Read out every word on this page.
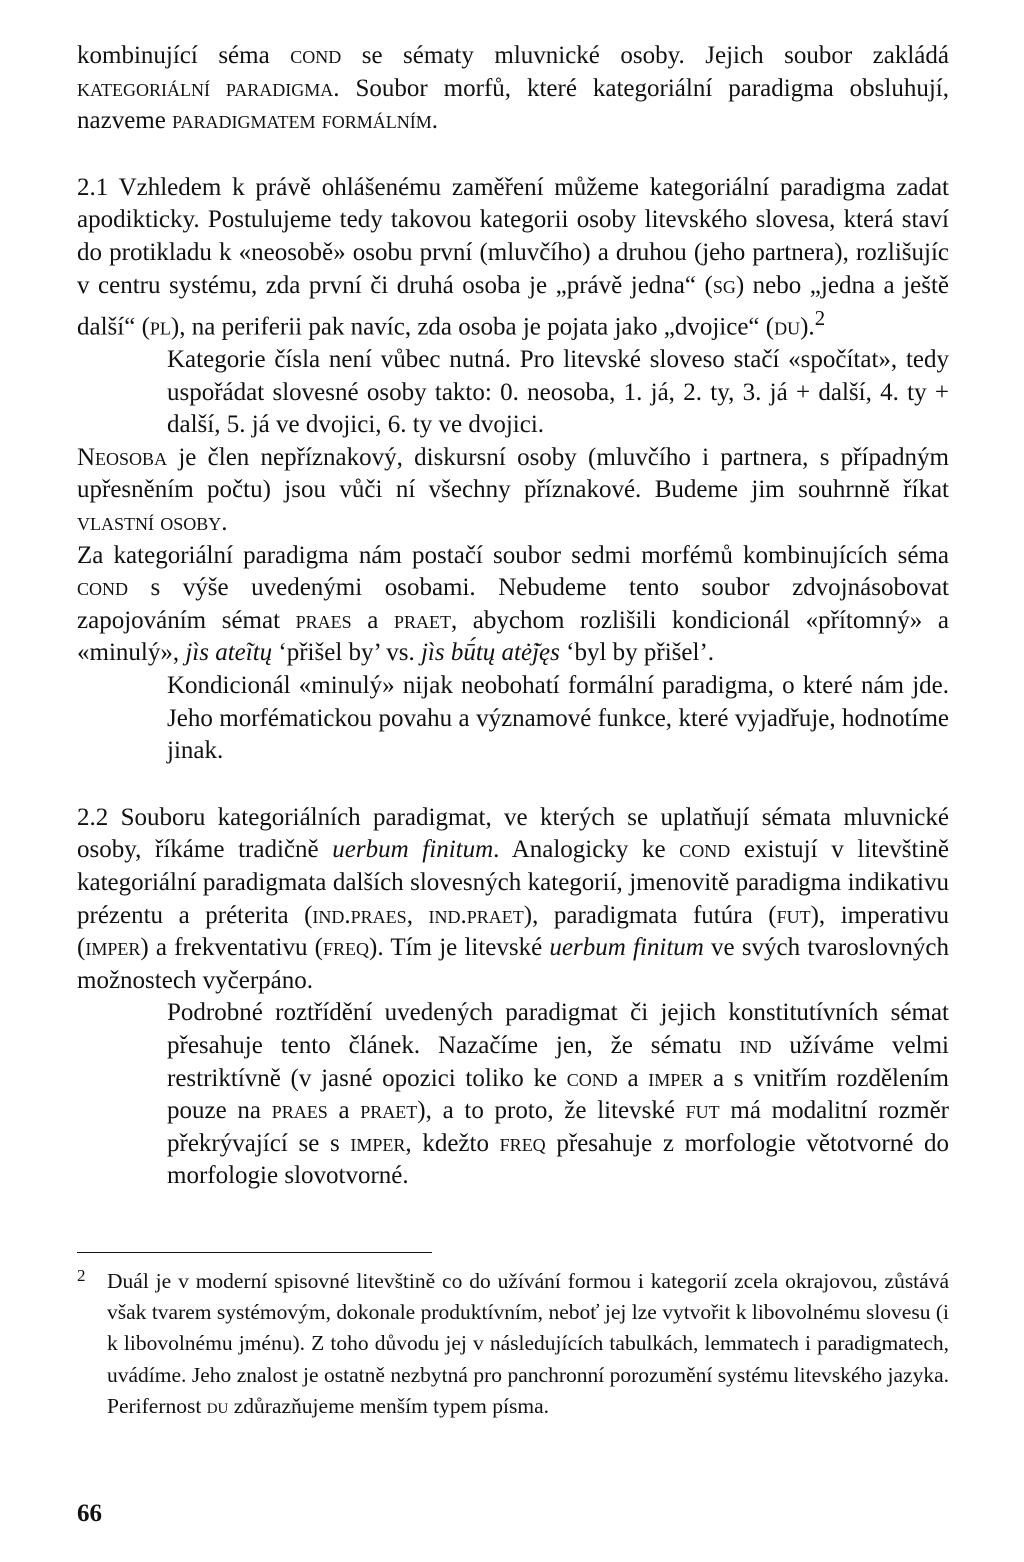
kombinující séma cond se sématy mluvnické osoby. Jejich soubor zakládá kategoriální paradigma. Soubor morfů, které kategoriální paradigma obsluhují, nazveme paradigmatem formálním.

2.1 Vzhledem k právě ohlášenému zaměření můžeme kategoriální paradigma zadat apodikticky. Postulujeme tedy takovou kategorii osoby litevského slovesa, která staví do protikladu k «neosobě» osobu první (mluvčího) a druhou (jeho partnera), rozlišujíc v centru systému, zda první či druhá osoba je „právě jedna“ (sg) nebo „jedna a ještě další“ (pl), na periferii pak navíc, zda osoba je pojata jako „dvojice“ (du).$^2$

Kategorie čísla není vůbec nutná. Pro litevské sloveso stačí «spočítat», tedy uspořádat slovesné osoby takto: 0. neosoba, 1. já, 2. ty, 3. já + další, 4. ty + další, 5. já ve dvojici, 6. ty ve dvojici.

Neosoba je člen nepříznakový, diskursní osoby (mluvčího i partnera, s případným upřesněním počtu) jsou vůči ní všechny příznakové. Budeme jim souhrnně říkat vlastní osoby.

Za kategoriální paradigma nám postačí soubor sedmi morfémů kombinujících séma cond s výše uvedenými osobami. Nebudeme tento soubor zdvojnásobovat zapojováním sémat praes a praet, abychom rozlišili kondicionál «přítomný» a «minulý», jìs ateĩtų ‘přišel by’ vs. jìs bū́tų atė̃jęs ‘byl by přišel’.

Kondicionál «minulý» nijak neobohatí formální paradigma, o které nám jde. Jeho morfématickou povahu a významové funkce, které vyjadřuje, hodnotíme jinak.

2.2 Souboru kategoriálních paradigmat, ve kterých se uplatňují sémata mluvnické osoby, říkáme tradičně uerbum finitum. Analogicky ke cond existují v litevštině kategoriální paradigmata dalších slovesných kategorií, jmenovitě paradigma indikativu prézentu a préterita (ind.praes, ind.praet), paradigmata futúra (fut), imperativu (imper) a frekventativu (freq). Tím je litevské uerbum finitum ve svých tvaroslovných možnostech vyčerpáno.

Podrobné roztřídění uvedených paradigmat či jejich konstitutívních sémat přesahuje tento článek. Nazačíme jen, že sématu ind užíváme velmi restriktívně (v jasné opozici toliko ke cond a imper a s vnitřím rozdělením pouze na praes a praet), a to proto, že litevské fut má modalitní rozměr překrývající se s imper, kdežto freq přesahuje z morfologie větotvorné do morfologie slovotvorné.

2 Duál je v moderní spisovné litevštině co do užívání formou i kategorií zcela okrajovou, zůstává však tvarem systémovým, dokonale produktívním, neboť jej lze vytvořit k libovolnému slovesu (i k libovolnému jménu). Z toho důvodu jej v následujících tabulkách, lemmatech i paradigmatech, uvádíme. Jeho znalost je ostatně nezbytná pro panchronní porozumění systému litevského jazyka. Perifernost du zdůrazňujeme menším typem písma.

66
